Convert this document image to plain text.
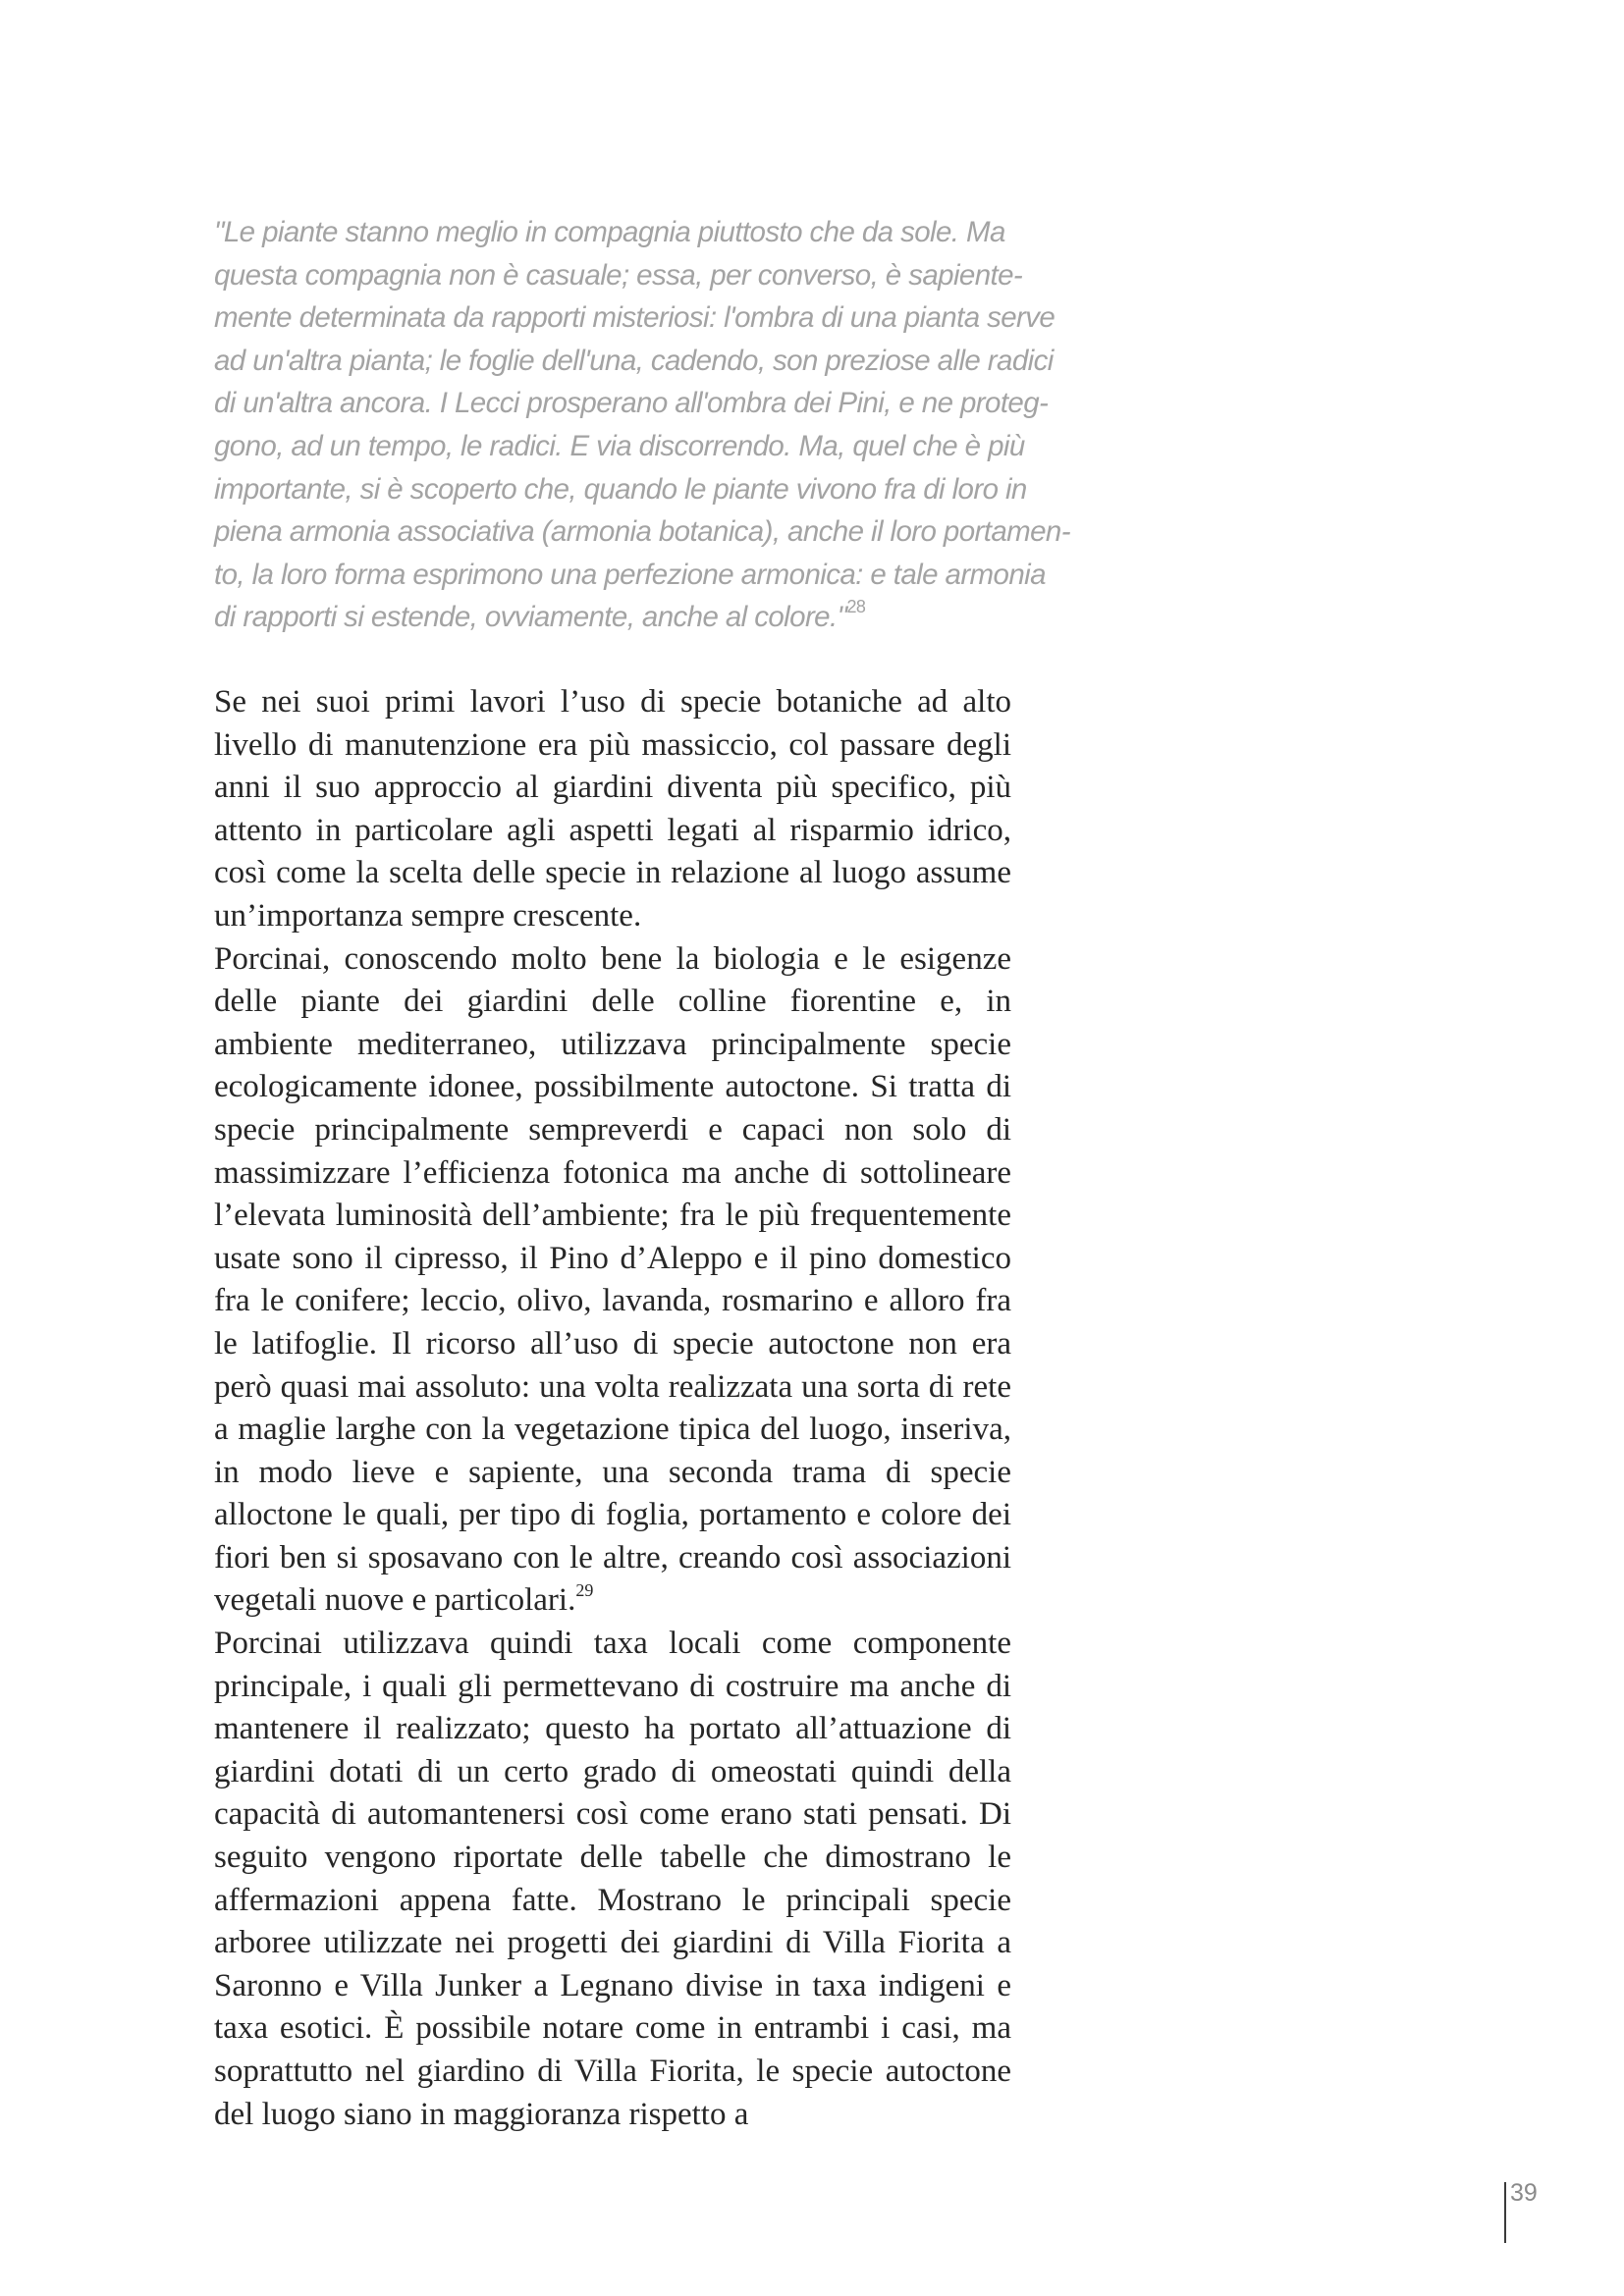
"Le piante stanno meglio in compagnia piuttosto che da sole. Ma
questa compagnia non è casuale; essa, per converso, è sapiente-
mente determinata da rapporti misteriosi: l'ombra di una pianta serve
ad un'altra pianta; le foglie dell'una, cadendo, son preziose alle radici
di un'altra ancora. I Lecci prosperano all'ombra dei Pini, e ne proteg-
gono, ad un tempo, le radici. E via discorrendo. Ma, quel che è più
importante, si è scoperto che, quando le piante vivono fra di loro in
piena armonia associativa (armonia botanica), anche il loro portamen-
to, la loro forma esprimono una perfezione armonica: e tale armonia
di rapporti si estende, ovviamente, anche al colore."$^{28}$

Se nei suoi primi lavori l’uso di specie botaniche ad alto livello di manutenzione era più massiccio, col passare degli anni il suo approccio al giardini diventa più specifico, più attento in particolare agli aspetti legati al risparmio idrico, così come la scelta delle specie in relazione al luogo assume un’importanza sempre crescente.

Porcinai, conoscendo molto bene la biologia e le esigenze delle piante dei giardini delle colline fiorentine e, in ambiente mediterraneo, utilizzava principalmente specie ecologicamente idonee, possibilmente autoctone. Si tratta di specie principalmente sempreverdi e capaci non solo di massimizzare l’efficienza fotonica ma anche di sottolineare l’elevata luminosità dell’ambiente; fra le più frequentemente usate sono il cipresso, il Pino d’Aleppo e il pino domestico fra le conifere; leccio, olivo, lavanda, rosmarino e alloro fra le latifoglie. Il ricorso all’uso di specie autoctone non era però quasi mai assoluto: una volta realizzata una sorta di rete a maglie larghe con la vegetazione tipica del luogo, inseriva, in modo lieve e sapiente, una seconda trama di specie alloctone le quali, per tipo di foglia, portamento e colore dei fiori ben si sposavano con le altre, creando così associazioni vegetali nuove e particolari.$^{29}$

Porcinai utilizzava quindi taxa locali come componente principale, i quali gli permettevano di costruire ma anche di mantenere il realizzato; questo ha portato all’attuazione di giardini dotati di un certo grado di omeostati quindi della capacità di automantenersi così come erano stati pensati. Di seguito vengono riportate delle tabelle che dimostrano le affermazioni appena fatte. Mostrano le principali specie arboree utilizzate nei progetti dei giardini di Villa Fiorita a Saronno e Villa Junker a Legnano divise in taxa indigeni e taxa esotici. È possibile notare come in entrambi i casi, ma soprattutto nel giardino di Villa Fiorita, le specie autoctone del luogo siano in maggioranza rispetto a

39
